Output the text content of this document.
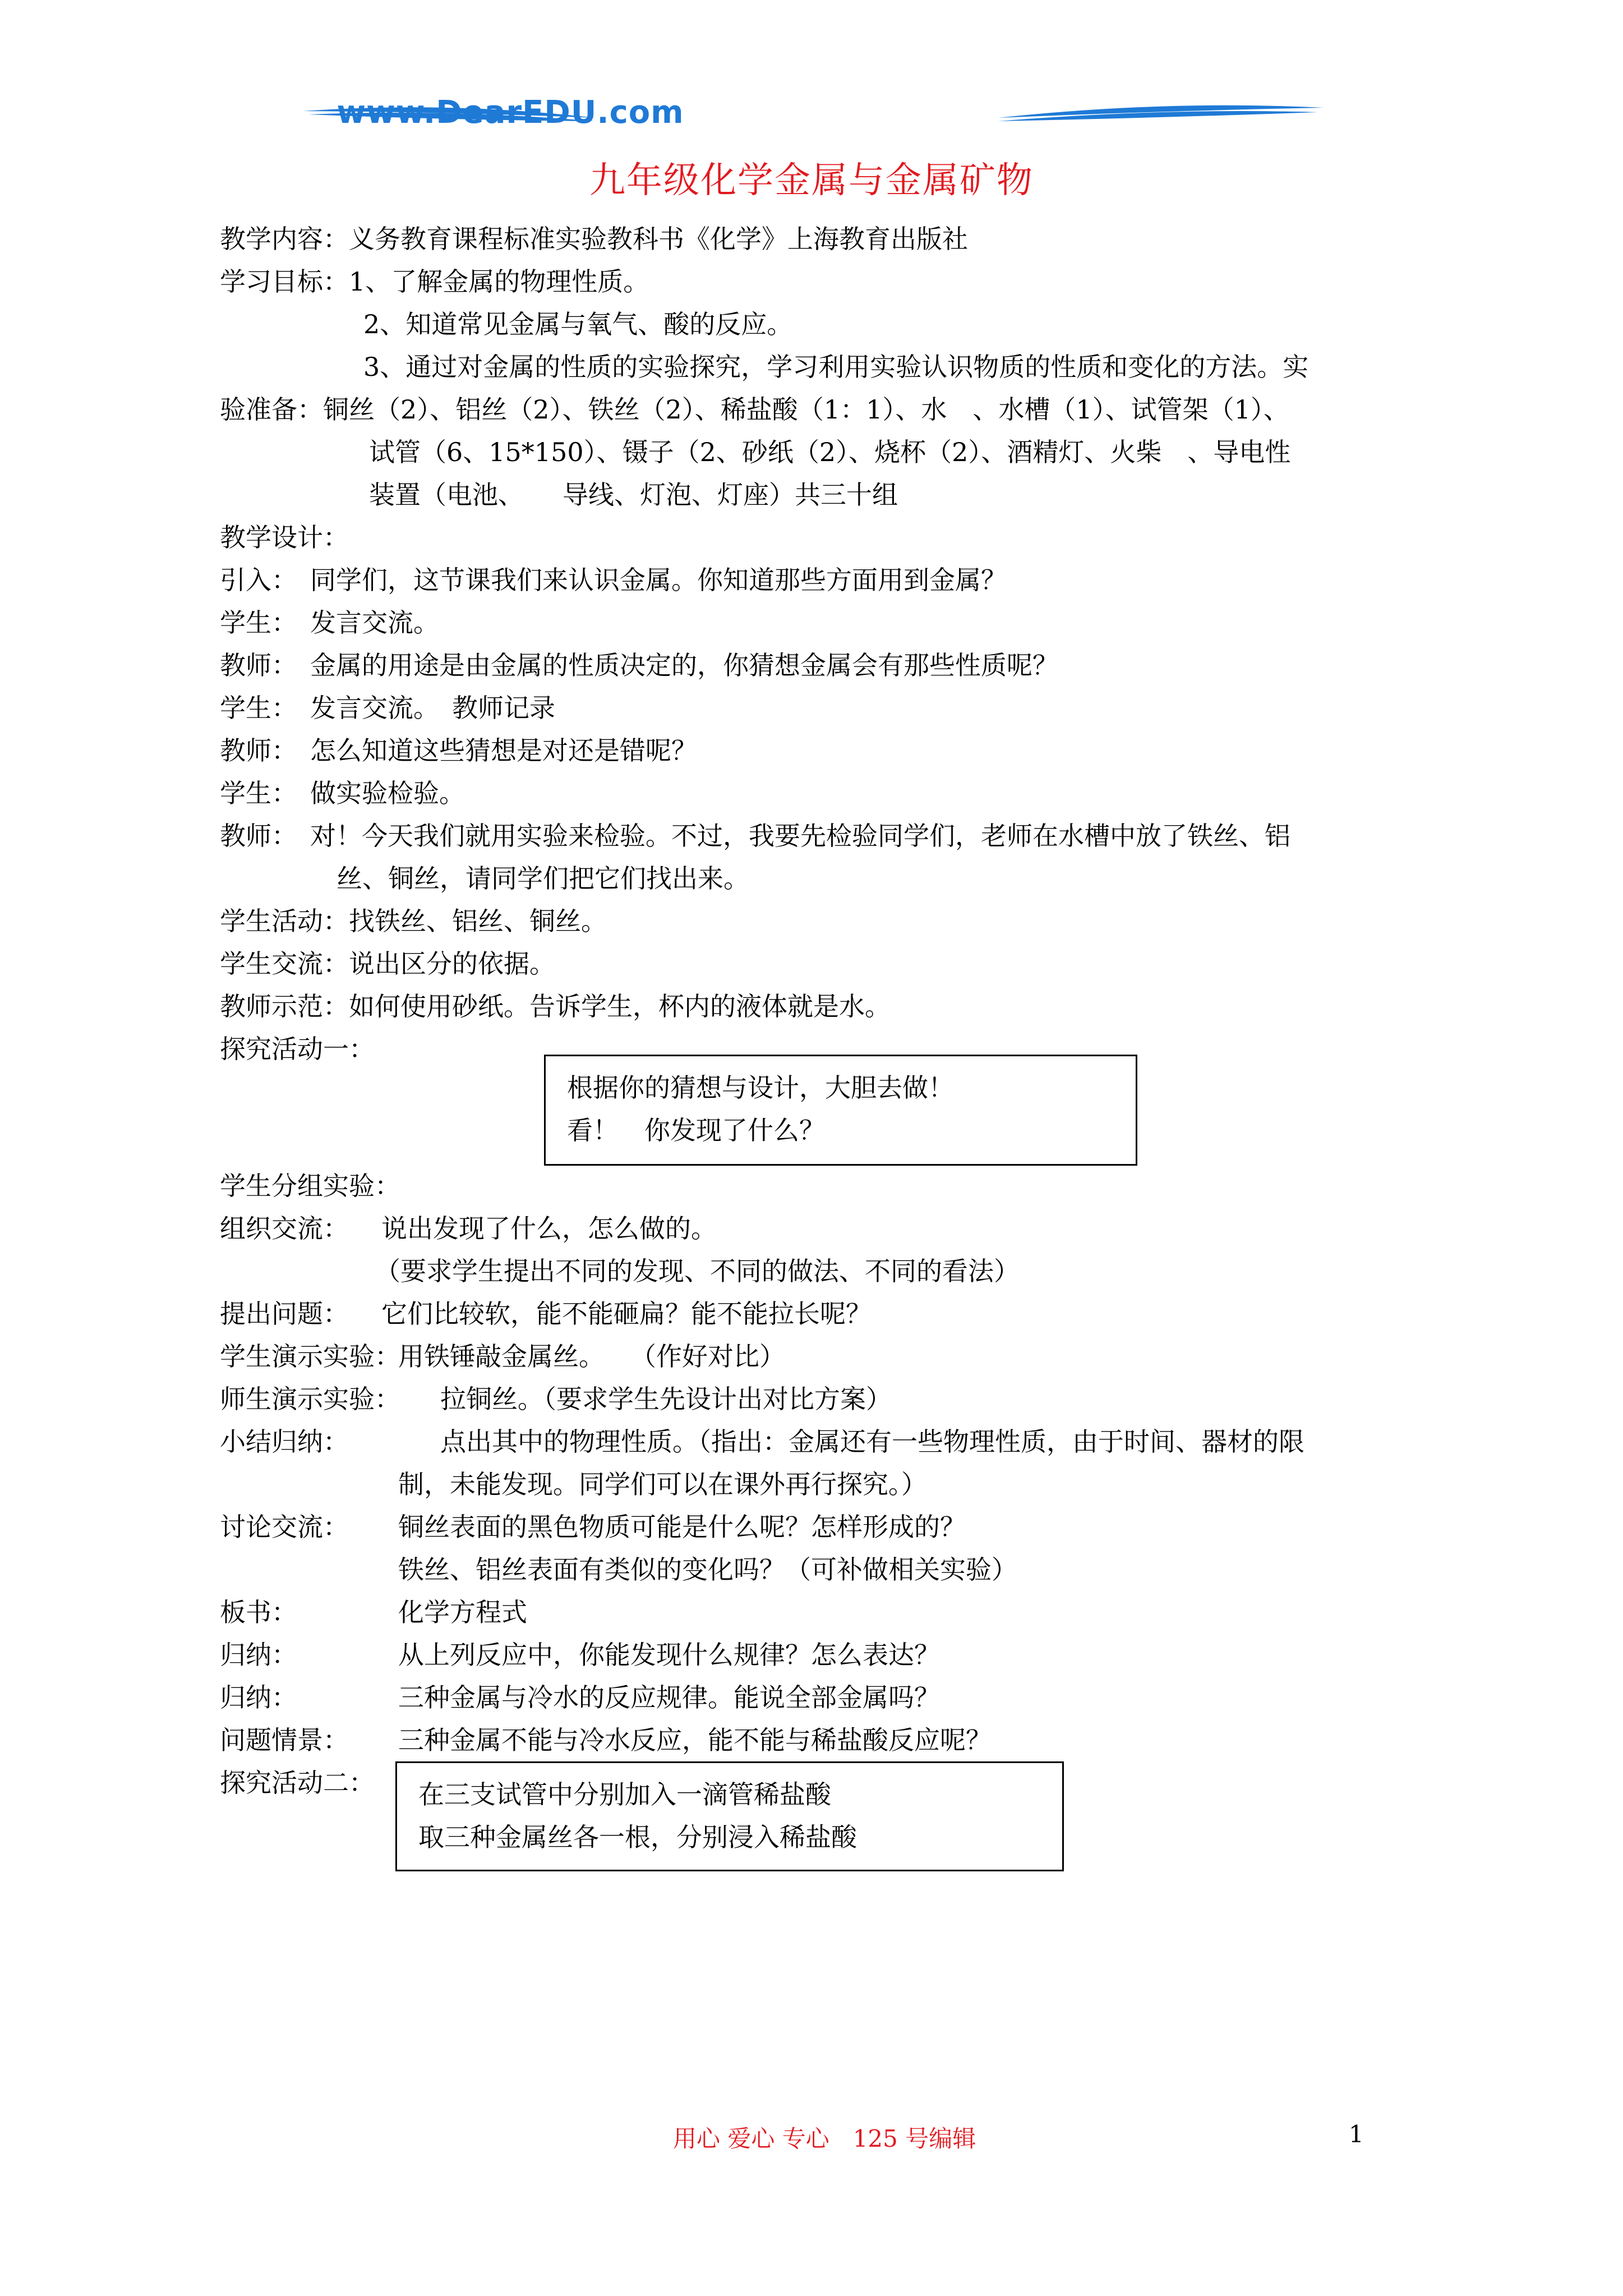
www.DearEDU.com
九年级化学金属与金属矿物
教学内容：义务教育课程标准实验教科书《化学》上海教育出版社
学习目标：1、了解金属的物理性质。
2、知道常见金属与氧气、酸的反应。
3、通过对金属的性质的实验探究，学习利用实验认识物质的性质和变化的方法。实
验准备：铜丝（2）、铝丝（2）、铁丝（2）、稀盐酸（1：1）、水　、水槽（1）、试管架（1）、
试管（6、15*150）、镊子（2、砂纸（2）、烧杯（2）、酒精灯、火柴　、导电性
装置（电池、　　导线、灯泡、灯座）共三十组
教学设计：
引入：　同学们，这节课我们来认识金属。你知道那些方面用到金属？
学生：　发言交流。
教师：　金属的用途是由金属的性质决定的，你猜想金属会有那些性质呢？
学生：　发言交流。　教师记录
教师：　怎么知道这些猜想是对还是错呢？
学生：　做实验检验。
教师：　对！今天我们就用实验来检验。不过，我要先检验同学们，老师在水槽中放了铁丝、铝
丝、铜丝，请同学们把它们找出来。
学生活动：找铁丝、铝丝、铜丝。
学生交流：说出区分的依据。
教师示范：如何使用砂纸。告诉学生，杯内的液体就是水。
探究活动一：
根据你的猜想与设计，大胆去做！
看！　你发现了什么？
学生分组实验：
组织交流： 说出发现了什么，怎么做的。
（要求学生提出不同的发现、不同的做法、不同的看法）
提出问题： 它们比较软，能不能砸扁？能不能拉长呢？
学生演示实验：
用铁锤敲金属丝。　　（作好对比）
师生演示实验： 拉铜丝。（要求学生先设计出对比方案）
小结归纳：	点出其中的物理性质。（指出：金属还有一些物理性质，由于时间、器材的限
制，未能发现。同学们可以在课外再行探究。）
讨论交流： 铜丝表面的黑色物质可能是什么呢？怎样形成的？
铁丝、铝丝表面有类似的变化吗？（可补做相关实验）
板书：	化学方程式
归纳：	从上列反应中，你能发现什么规律？怎么表达？
归纳：	三种金属与冷水的反应规律。能说全部金属吗？
问题情景： 三种金属不能与冷水反应，能不能与稀盐酸反应呢？
探究活动二： 在三支试管中分别加入一滴管稀盐酸
取三种金属丝各一根，分别浸入稀盐酸
用心 爱心 专心　125 号编辑	1
